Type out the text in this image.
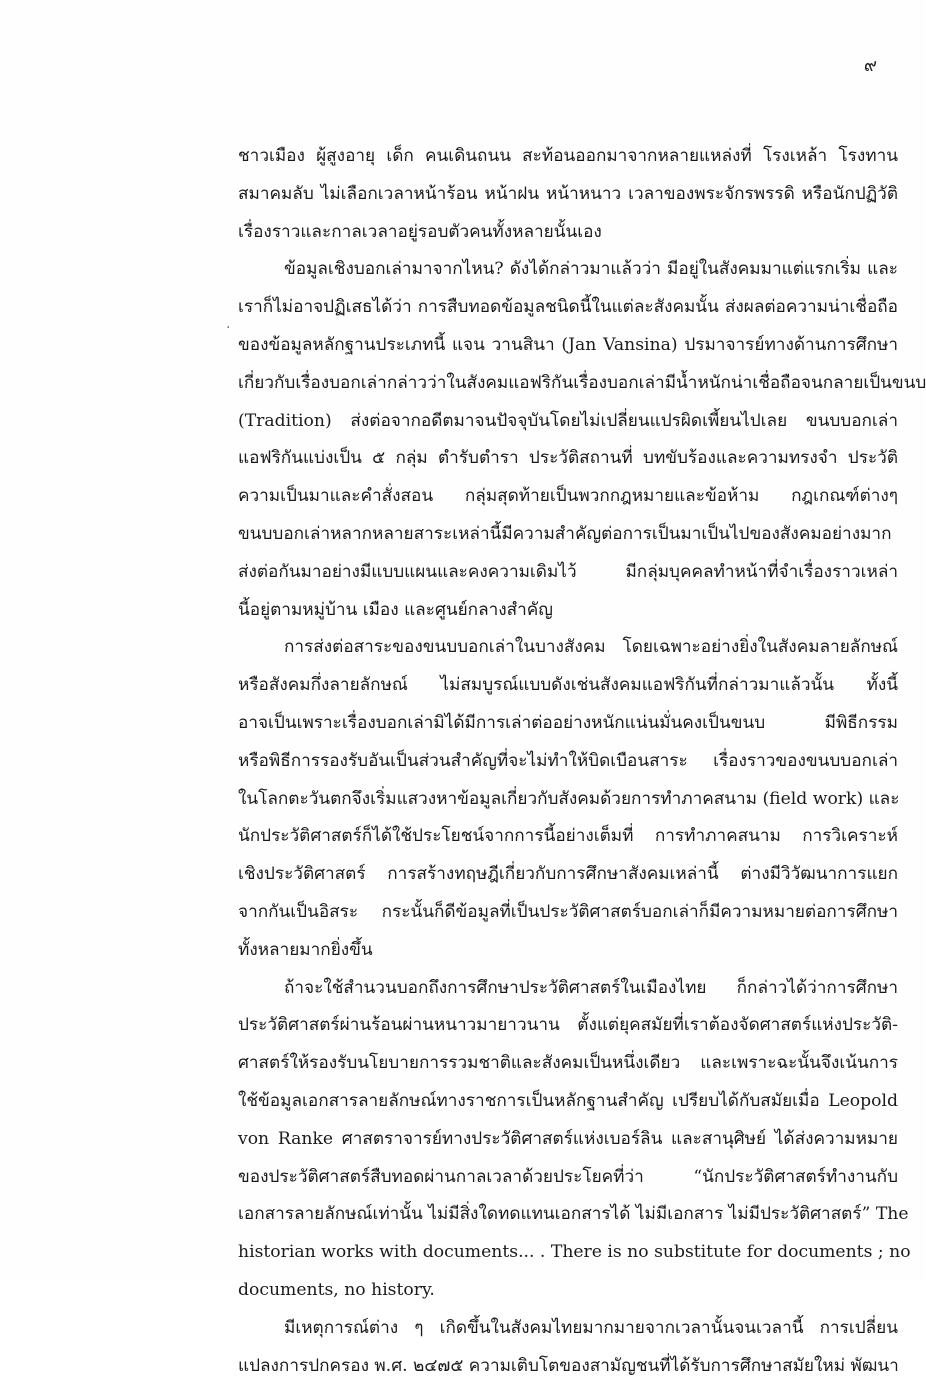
๙
·
ชาวเมือง ผู้สูงอายุ เด็ก คนเดินถนน สะท้อนออกมาจากหลายแหล่งที่ โรงเหล้า โรงทาน
สมาคมลับ ไม่เลือกเวลาหน้าร้อน หน้าฝน หน้าหนาว เวลาของพระจักรพรรดิ หรือนักปฏิวัติ
เรื่องราวและกาลเวลาอยู่รอบตัวคนทั้งหลายนั้นเอง
ข้อมูลเชิงบอกเล่ามาจากไหน? ดังได้กล่าวมาแล้วว่า มีอยู่ในสังคมมาแต่แรกเริ่ม และ
เราก็ไม่อาจปฏิเสธได้ว่า การสืบทอดข้อมูลชนิดนี้ในแต่ละสังคมนั้น ส่งผลต่อความน่าเชื่อถือ
ของข้อมูลหลักฐานประเภทนี้ แจน วานสินา (Jan Vansina) ปรมาจารย์ทางด้านการศึกษา
เกี่ยวกับเรื่องบอกเล่ากล่าวว่าในสังคมแอฟริกันเรื่องบอกเล่ามีน้ำหนักน่าเชื่อถือจนกลายเป็นขนบ
(Tradition) ส่งต่อจากอดีตมาจนปัจจุบันโดยไม่เปลี่ยนแปรผิดเพี้ยนไปเลย ขนบบอกเล่า
แอฟริกันแบ่งเป็น ๕ กลุ่ม ตำรับตำรา ประวัติสถานที่ บทขับร้องและความทรงจำ ประวัติ
ความเป็นมาและคำสั่งสอน กลุ่มสุดท้ายเป็นพวกกฎหมายและข้อห้าม กฎเกณฑ์ต่างๆ
ขนบบอกเล่าหลากหลายสาระเหล่านี้มีความสำคัญต่อการเป็นมาเป็นไปของสังคมอย่างมาก
ส่งต่อกันมาอย่างมีแบบแผนและคงความเดิมไว้ มีกลุ่มบุคคลทำหน้าที่จำเรื่องราวเหล่า
นี้อยู่ตามหมู่บ้าน เมือง และศูนย์กลางสำคัญ
การส่งต่อสาระของขนบบอกเล่าในบางสังคม โดยเฉพาะอย่างยิ่งในสังคมลายลักษณ์
หรือสังคมกึ่งลายลักษณ์ ไม่สมบูรณ์แบบดังเช่นสังคมแอฟริกันที่กล่าวมาแล้วนั้น ทั้งนี้
อาจเป็นเพราะเรื่องบอกเล่ามิได้มีการเล่าต่ออย่างหนักแน่นมั่นคงเป็นขนบ มีพิธีกรรม
หรือพิธีการรองรับอันเป็นส่วนสำคัญที่จะไม่ทำให้บิดเบือนสาระ เรื่องราวของขนบบอกเล่า
ในโลกตะวันตกจึงเริ่มแสวงหาข้อมูลเกี่ยวกับสังคมด้วยการทำภาคสนาม (field work) และ
นักประวัติศาสตร์ก็ได้ใช้ประโยชน์จากการนี้อย่างเต็มที่ การทำภาคสนาม การวิเคราะห์
เชิงประวัติศาสตร์ การสร้างทฤษฎีเกี่ยวกับการศึกษาสังคมเหล่านี้ ต่างมีวิวัฒนาการแยก
จากกันเป็นอิสระ กระนั้นก็ดีข้อมูลที่เป็นประวัติศาสตร์บอกเล่าก็มีความหมายต่อการศึกษา
ทั้งหลายมากยิ่งขึ้น
ถ้าจะใช้สำนวนบอกถึงการศึกษาประวัติศาสตร์ในเมืองไทย ก็กล่าวได้ว่าการศึกษา
ประวัติศาสตร์ผ่านร้อนผ่านหนาวมายาวนาน ตั้งแต่ยุคสมัยที่เราต้องจัดศาสตร์แห่งประวัติ-
ศาสตร์ให้รองรับนโยบายการรวมชาติและสังคมเป็นหนึ่งเดียว และเพราะฉะนั้นจึงเน้นการ
ใช้ข้อมูลเอกสารลายลักษณ์ทางราชการเป็นหลักฐานสำคัญ เปรียบได้กับสมัยเมื่อ Leopold
von Ranke ศาสตราจารย์ทางประวัติศาสตร์แห่งเบอร์ลิน และสานุศิษย์ ได้ส่งความหมาย
ของประวัติศาสตร์สืบทอดผ่านกาลเวลาด้วยประโยคที่ว่า “นักประวัติศาสตร์ทำงานกับ
เอกสารลายลักษณ์เท่านั้น ไม่มีสิ่งใดทดแทนเอกสารได้ ไม่มีเอกสาร ไม่มีประวัติศาสตร์” The
historian works with documents... . There is no substitute for documents ; no
documents, no history.
มีเหตุการณ์ต่าง ๆ เกิดขึ้นในสังคมไทยมากมายจากเวลานั้นจนเวลานี้ การเปลี่ยน
แปลงการปกครอง พ.ศ. ๒๔๗๕ ความเติบโตของสามัญชนที่ได้รับการศึกษาสมัยใหม่ พัฒนา
